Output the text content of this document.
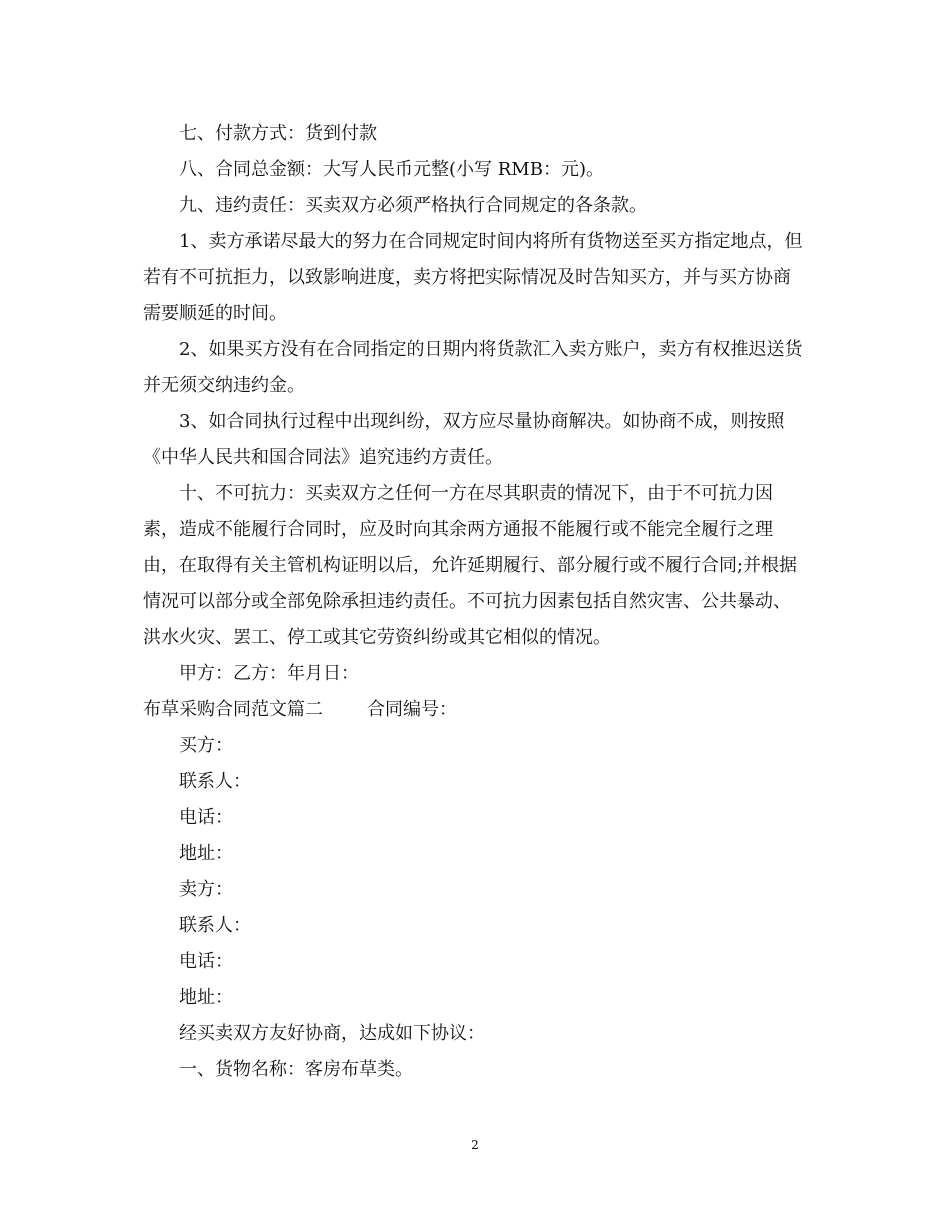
七、付款方式：货到付款

八、合同总金额：大写人民币元整(小写 RMB：元)。

九、违约责任：买卖双方必须严格执行合同规定的各条款。

1、卖方承诺尽最大的努力在合同规定时间内将所有货物送至买方指定地点，但若有不可抗拒力，以致影响进度，卖方将把实际情况及时告知买方，并与买方协商需要顺延的时间。

2、如果买方没有在合同指定的日期内将货款汇入卖方账户，卖方有权推迟送货并无须交纳违约金。

3、如合同执行过程中出现纠纷，双方应尽量协商解决。如协商不成，则按照《中华人民共和国合同法》追究违约方责任。

十、不可抗力：买卖双方之任何一方在尽其职责的情况下，由于不可抗力因素，造成不能履行合同时，应及时向其余两方通报不能履行或不能完全履行之理由，在取得有关主管机构证明以后，允许延期履行、部分履行或不履行合同;并根据情况可以部分或全部免除承担违约责任。不可抗力因素包括自然灾害、公共暴动、洪水火灾、罢工、停工或其它劳资纠纷或其它相似的情况。

甲方：乙方：年月日：

布草采购合同范文篇二 合同编号：

买方：

联系人：

电话：

地址：

卖方：

联系人：

电话：

地址：

经买卖双方友好协商，达成如下协议：

一、货物名称：客房布草类。

2
